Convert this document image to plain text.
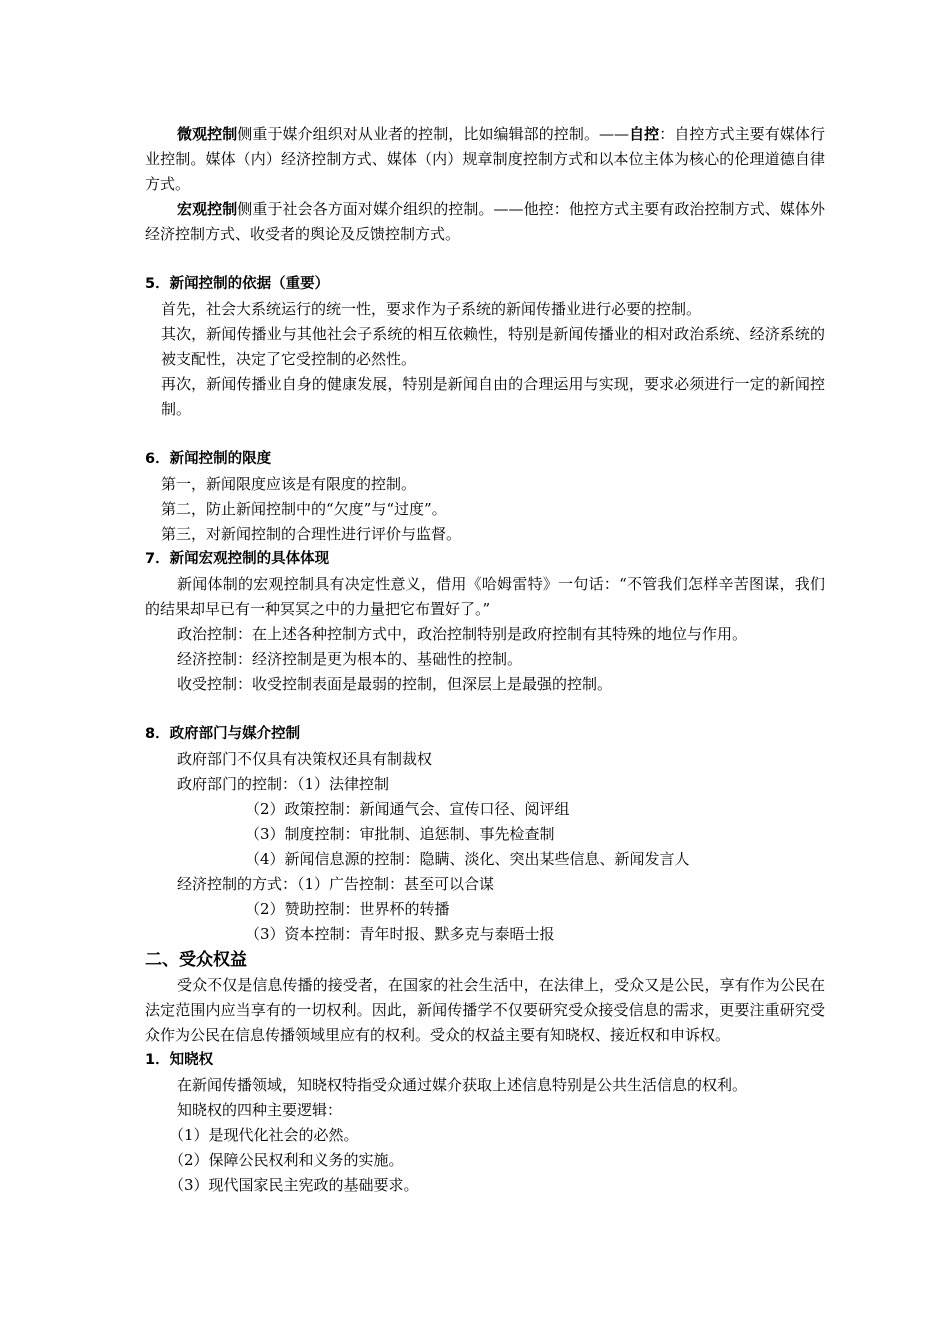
微观控制侧重于媒介组织对从业者的控制，比如编辑部的控制。——自控：自控方式主要有媒体行业控制。媒体（内）经济控制方式、媒体（内）规章制度控制方式和以本位主体为核心的伦理道德自律方式。

宏观控制侧重于社会各方面对媒介组织的控制。——他控：他控方式主要有政治控制方式、媒体外经济控制方式、收受者的舆论及反馈控制方式。

5．新闻控制的依据（重要）

首先，社会大系统运行的统一性，要求作为子系统的新闻传播业进行必要的控制。

其次，新闻传播业与其他社会子系统的相互依赖性，特别是新闻传播业的相对政治系统、经济系统的被支配性，决定了它受控制的必然性。

再次，新闻传播业自身的健康发展，特别是新闻自由的合理运用与实现，要求必须进行一定的新闻控制。

6．新闻控制的限度

第一，新闻限度应该是有限度的控制。

第二，防止新闻控制中的“欠度”与“过度”。

第三，对新闻控制的合理性进行评价与监督。

7．新闻宏观控制的具体体现

新闻体制的宏观控制具有决定性意义，借用《哈姆雷特》一句话：“不管我们怎样辛苦图谋，我们的结果却早已有一种冥冥之中的力量把它布置好了。”

政治控制：在上述各种控制方式中，政治控制特别是政府控制有其特殊的地位与作用。

经济控制：经济控制是更为根本的、基础性的控制。

收受控制：收受控制表面是最弱的控制，但深层上是最强的控制。

8．政府部门与媒介控制

政府部门不仅具有决策权还具有制裁权

政府部门的控制：（1）法律控制

（2）政策控制：新闻通气会、宣传口径、阅评组

（3）制度控制：审批制、追惩制、事先检查制

（4）新闻信息源的控制：隐瞒、淡化、突出某些信息、新闻发言人

经济控制的方式：（1）广告控制：甚至可以合谋

（2）赞助控制：世界杯的转播

（3）资本控制：青年时报、默多克与泰晤士报

二、受众权益

受众不仅是信息传播的接受者，在国家的社会生活中，在法律上，受众又是公民，享有作为公民在法定范围内应当享有的一切权利。因此，新闻传播学不仅要研究受众接受信息的需求，更要注重研究受众作为公民在信息传播领域里应有的权利。受众的权益主要有知晓权、接近权和申诉权。

1．知晓权

在新闻传播领域，知晓权特指受众通过媒介获取上述信息特别是公共生活信息的权利。

知晓权的四种主要逻辑：

（1）是现代化社会的必然。

（2）保障公民权利和义务的实施。

（3）现代国家民主宪政的基础要求。
